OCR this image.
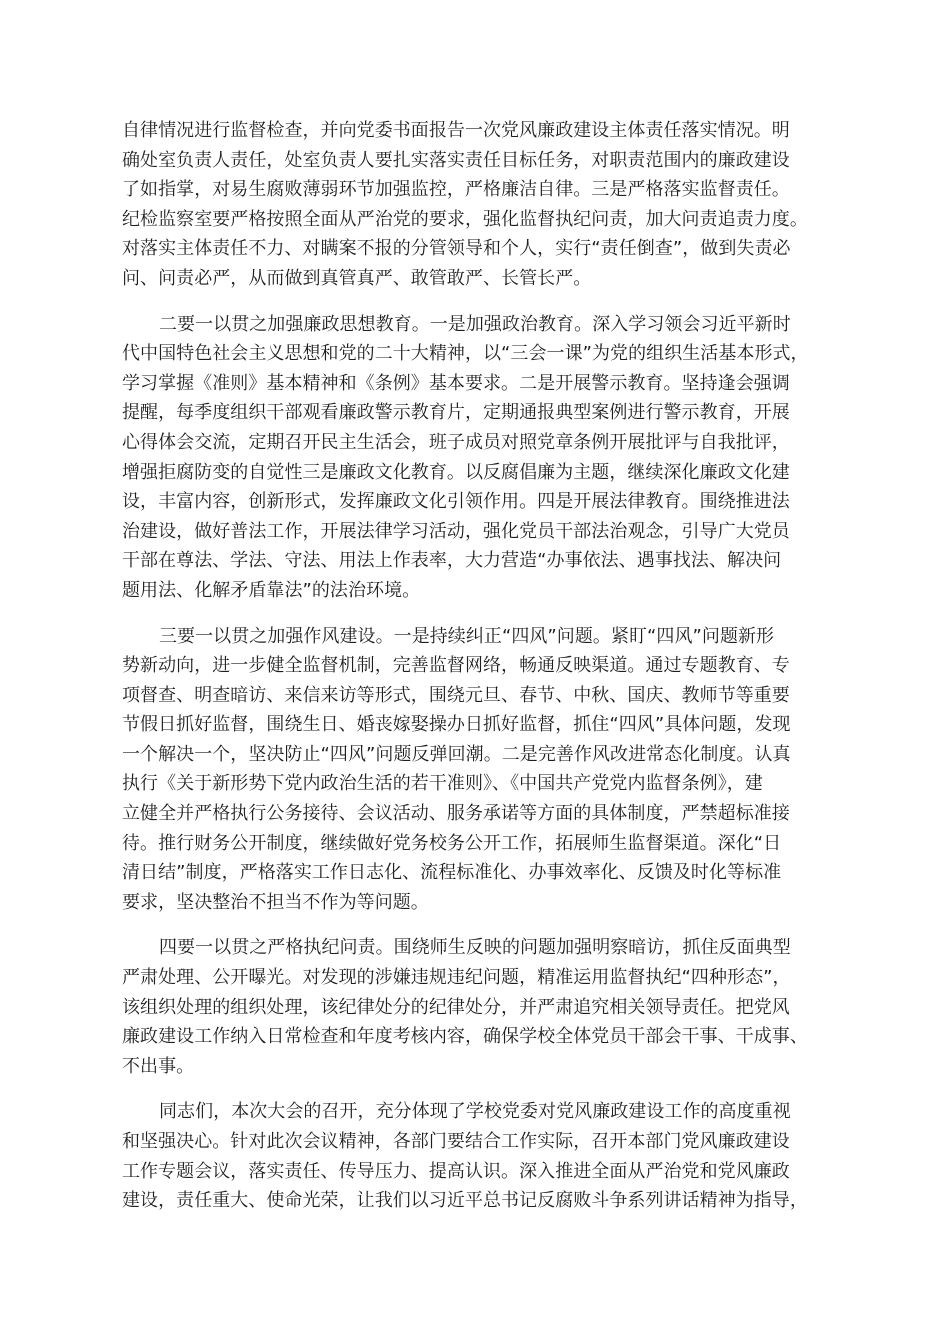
自律情况进行监督检查，并向党委书面报告一次党风廉政建设主体责任落实情况。明
确处室负责人责任，处室负责人要扎实落实责任目标任务，对职责范围内的廉政建设
了如指掌，对易生腐败薄弱环节加强监控，严格廉洁自律。三是严格落实监督责任。
纪检监察室要严格按照全面从严治党的要求，强化监督执纪问责，加大问责追责力度。
对落实主体责任不力、对瞒案不报的分管领导和个人，实行“责任倒查”，做到失责必
问、问责必严，从而做到真管真严、敢管敢严、长管长严。
二要一以贯之加强廉政思想教育。一是加强政治教育。深入学习领会习近平新时
代中国特色社会主义思想和党的二十大精神，以“三会一课”为党的组织生活基本形式，
学习掌握《准则》基本精神和《条例》基本要求。二是开展警示教育。坚持逢会强调
提醒，每季度组织干部观看廉政警示教育片，定期通报典型案例进行警示教育，开展
心得体会交流，定期召开民主生活会，班子成员对照党章条例开展批评与自我批评，
增强拒腐防变的自觉性三是廉政文化教育。以反腐倡廉为主题，继续深化廉政文化建
设，丰富内容，创新形式，发挥廉政文化引领作用。四是开展法律教育。围绕推进法
治建设，做好普法工作，开展法律学习活动，强化党员干部法治观念，引导广大党员
干部在尊法、学法、守法、用法上作表率，大力营造“办事依法、遇事找法、解决问
题用法、化解矛盾靠法”的法治环境。
三要一以贯之加强作风建设。一是持续纠正“四风”问题。紧盯“四风”问题新形
势新动向，进一步健全监督机制，完善监督网络，畅通反映渠道。通过专题教育、专
项督查、明查暗访、来信来访等形式，围绕元旦、春节、中秋、国庆、教师节等重要
节假日抓好监督，围绕生日、婚丧嫁娶操办日抓好监督，抓住“四风”具体问题，发现
一个解决一个，坚决防止“四风”问题反弹回潮。二是完善作风改进常态化制度。认真
执行《关于新形势下党内政治生活的若干准则》、《中国共产党党内监督条例》，建
立健全并严格执行公务接待、会议活动、服务承诺等方面的具体制度，严禁超标准接
待。推行财务公开制度，继续做好党务校务公开工作，拓展师生监督渠道。深化“日
清日结”制度，严格落实工作日志化、流程标准化、办事效率化、反馈及时化等标准
要求，坚决整治不担当不作为等问题。
四要一以贯之严格执纪问责。围绕师生反映的问题加强明察暗访，抓住反面典型
严肃处理、公开曝光。对发现的涉嫌违规违纪问题，精准运用监督执纪“四种形态”，
该组织处理的组织处理，该纪律处分的纪律处分，并严肃追究相关领导责任。把党风
廉政建设工作纳入日常检查和年度考核内容，确保学校全体党员干部会干事、干成事、
不出事。
同志们，本次大会的召开，充分体现了学校党委对党风廉政建设工作的高度重视
和坚强决心。针对此次会议精神，各部门要结合工作实际，召开本部门党风廉政建设
工作专题会议，落实责任、传导压力、提高认识。深入推进全面从严治党和党风廉政
建设，责任重大、使命光荣，让我们以习近平总书记反腐败斗争系列讲话精神为指导，
